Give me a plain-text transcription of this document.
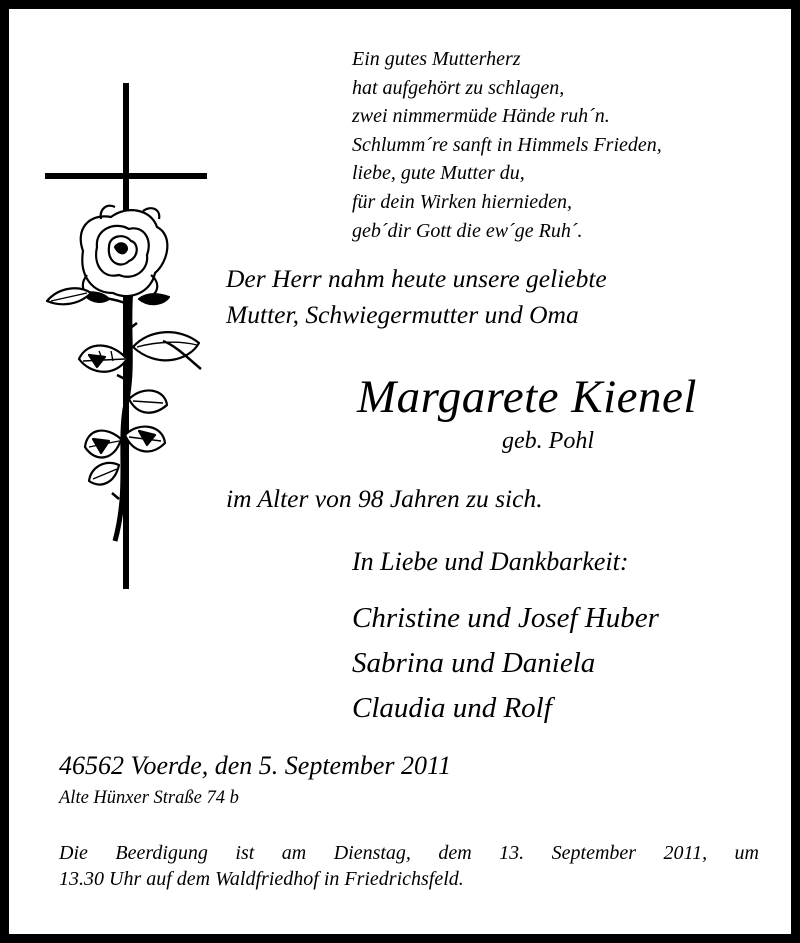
Ein gutes Mutterherz
hat aufgehört zu schlagen,
zwei nimmermüde Hände ruh´n.
Schlumm´re sanft in Himmels Frieden,
liebe, gute Mutter du,
für dein Wirken hiernieden,
geb´dir Gott die ew´ge Ruh´.
Der Herr nahm heute unsere geliebte
Mutter, Schwiegermutter und Oma
Margarete Kienel
geb. Pohl
im Alter von 98 Jahren zu sich.
In Liebe und Dankbarkeit:
Christine und Josef Huber
Sabrina und Daniela
Claudia und Rolf
46562 Voerde, den 5. September 2011
Alte Hünxer Straße 74 b
Die Beerdigung ist am Dienstag, dem 13. September 2011, um
13.30 Uhr auf dem Waldfriedhof in Friedrichsfeld.
